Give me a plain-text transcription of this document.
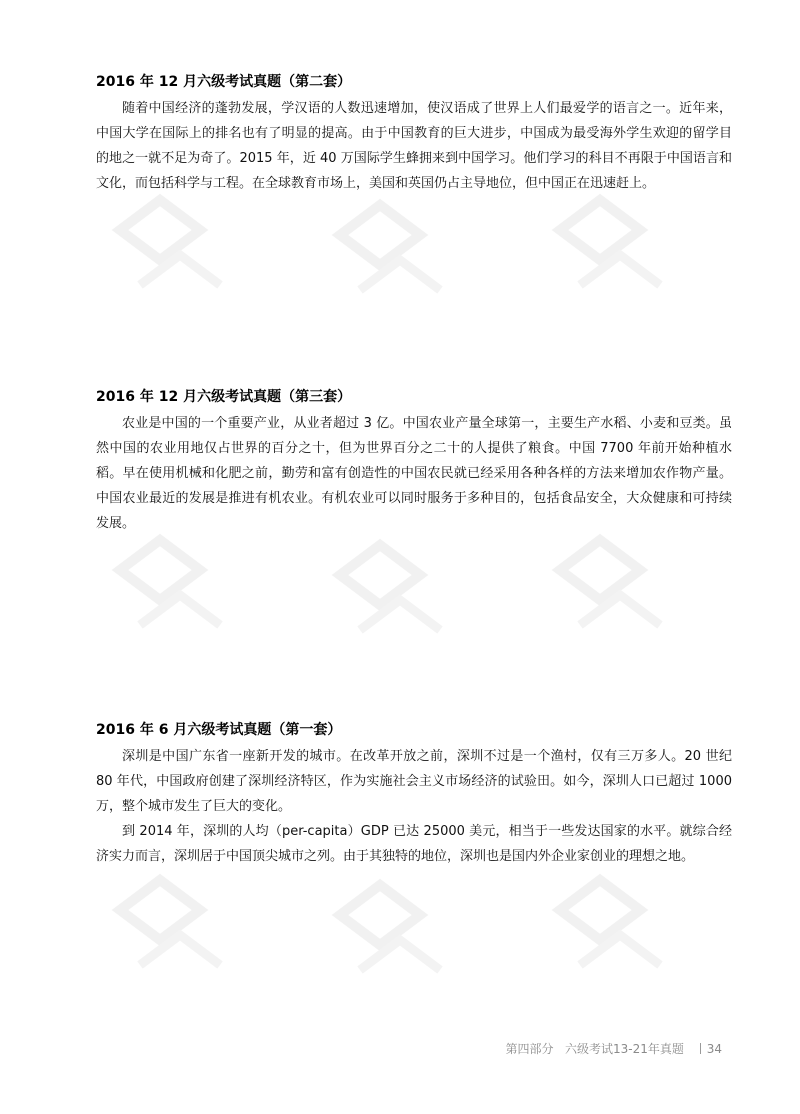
2016 年 12 月六级考试真题（第二套）

随着中国经济的蓬勃发展，学汉语的人数迅速增加，使汉语成了世界上人们最爱学的语言之一。近年来，中国大学在国际上的排名也有了明显的提高。由于中国教育的巨大进步，中国成为最受海外学生欢迎的留学目的地之一就不足为奇了。2015 年，近 40 万国际学生蜂拥来到中国学习。他们学习的科目不再限于中国语言和文化，而包括科学与工程。在全球教育市场上，美国和英国仍占主导地位，但中国正在迅速赶上。

2016 年 12 月六级考试真题（第三套）

农业是中国的一个重要产业，从业者超过 3 亿。中国农业产量全球第一，主要生产水稻、小麦和豆类。虽然中国的农业用地仅占世界的百分之十，但为世界百分之二十的人提供了粮食。中国 7700 年前开始种植水稻。早在使用机械和化肥之前，勤劳和富有创造性的中国农民就已经采用各种各样的方法来增加农作物产量。中国农业最近的发展是推进有机农业。有机农业可以同时服务于多种目的，包括食品安全，大众健康和可持续发展。

2016 年 6 月六级考试真题（第一套）

深圳是中国广东省一座新开发的城市。在改革开放之前，深圳不过是一个渔村，仅有三万多人。20 世纪 80 年代，中国政府创建了深圳经济特区，作为实施社会主义市场经济的试验田。如今，深圳人口已超过 1000 万，整个城市发生了巨大的变化。

到 2014 年，深圳的人均（per-capita）GDP 已达 25000 美元，相当于一些发达国家的水平。就综合经济实力而言，深圳居于中国顶尖城市之列。由于其独特的地位，深圳也是国内外企业家创业的理想之地。

第四部分 六级考试13-21年真题 34
